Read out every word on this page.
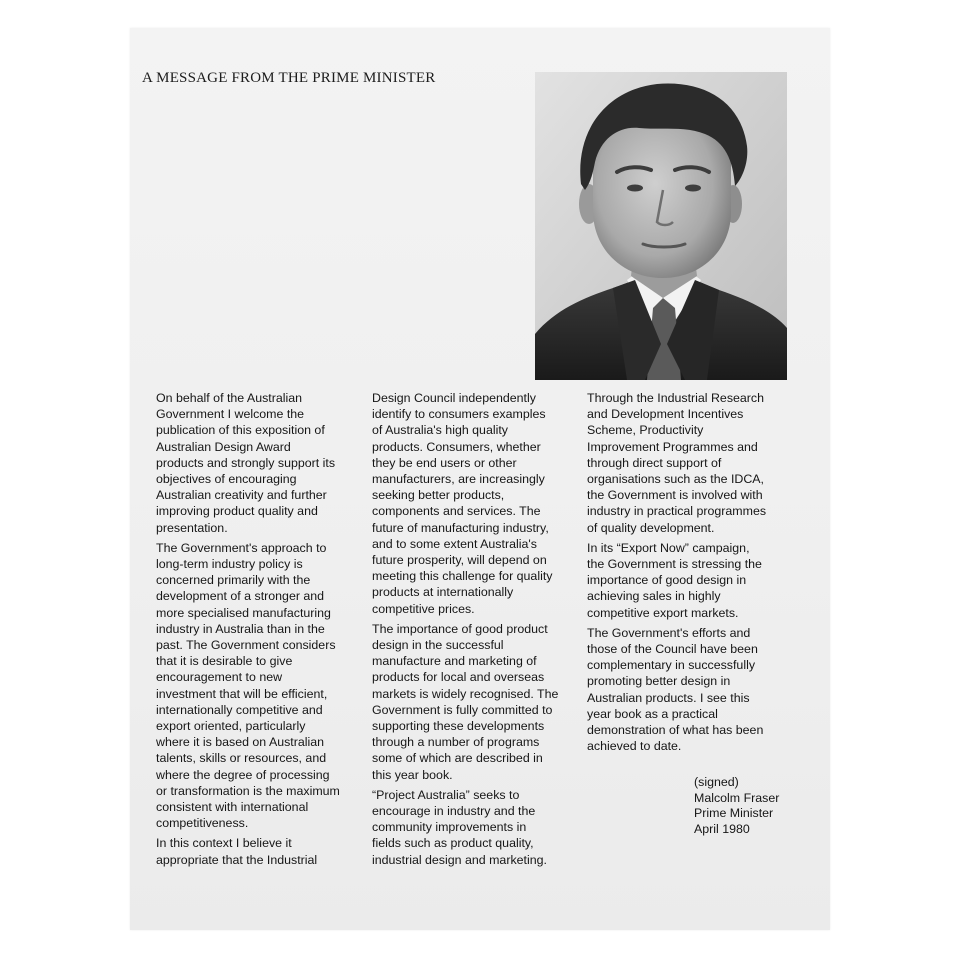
A MESSAGE FROM THE PRIME MINISTER

On behalf of the Australian
Government I welcome the
publication of this exposition of
Australian Design Award
products and strongly support its
objectives of encouraging
Australian creativity and further
improving product quality and
presentation.

The Government's approach to
long-term industry policy is
concerned primarily with the
development of a stronger and
more specialised manufacturing
industry in Australia than in the
past. The Government considers
that it is desirable to give
encouragement to new
investment that will be efficient,
internationally competitive and
export oriented, particularly
where it is based on Australian
talents, skills or resources, and
where the degree of processing
or transformation is the maximum
consistent with international
competitiveness.

In this context I believe it
appropriate that the Industrial

Design Council independently
identify to consumers examples
of Australia's high quality
products. Consumers, whether
they be end users or other
manufacturers, are increasingly
seeking better products,
components and services. The
future of manufacturing industry,
and to some extent Australia's
future prosperity, will depend on
meeting this challenge for quality
products at internationally
competitive prices.

The importance of good product
design in the successful
manufacture and marketing of
products for local and overseas
markets is widely recognised. The
Government is fully committed to
supporting these developments
through a number of programs
some of which are described in
this year book.

“Project Australia” seeks to
encourage in industry and the
community improvements in
fields such as product quality,
industrial design and marketing.

Through the Industrial Research
and Development Incentives
Scheme, Productivity
Improvement Programmes and
through direct support of
organisations such as the IDCA,
the Government is involved with
industry in practical programmes
of quality development.

In its “Export Now” campaign,
the Government is stressing the
importance of good design in
achieving sales in highly
competitive export markets.

The Government's efforts and
those of the Council have been
complementary in successfully
promoting better design in
Australian products. I see this
year book as a practical
demonstration of what has been
achieved to date.

(signed)
Malcolm Fraser
Prime Minister
April 1980
